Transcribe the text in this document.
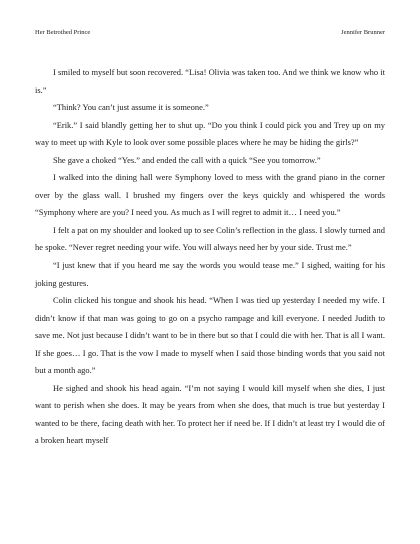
Her Betrothed Prince	Jennifer Brunner

I smiled to myself but soon recovered. “Lisa! Olivia was taken too. And we think we know who it is.”

“Think? You can’t just assume it is someone.”

“Erik.” I said blandly getting her to shut up. “Do you think I could pick you and Trey up on my way to meet up with Kyle to look over some possible places where he may be hiding the girls?”

She gave a choked “Yes.” and ended the call with a quick “See you tomorrow.”

I walked into the dining hall were Symphony loved to mess with the grand piano in the corner over by the glass wall. I brushed my fingers over the keys quickly and whispered the words “Symphony where are you? I need you. As much as I will regret to admit it… I need you.”

I felt a pat on my shoulder and looked up to see Colin’s reflection in the glass. I slowly turned and he spoke. “Never regret needing your wife. You will always need her by your side. Trust me.”

“I just knew that if you heard me say the words you would tease me.” I sighed, waiting for his joking gestures.

Colin clicked his tongue and shook his head. “When I was tied up yesterday I needed my wife. I didn’t know if that man was going to go on a psycho rampage and kill everyone. I needed Judith to save me. Not just because I didn’t want to be in there but so that I could die with her. That is all I want. If she goes… I go. That is the vow I made to myself when I said those binding words that you said not but a month ago.”

He sighed and shook his head again. “I’m not saying I would kill myself when she dies, I just want to perish when she does. It may be years from when she does, that much is true but yesterday I wanted to be there, facing death with her. To protect her if need be. If I didn’t at least try I would die of a broken heart myself
